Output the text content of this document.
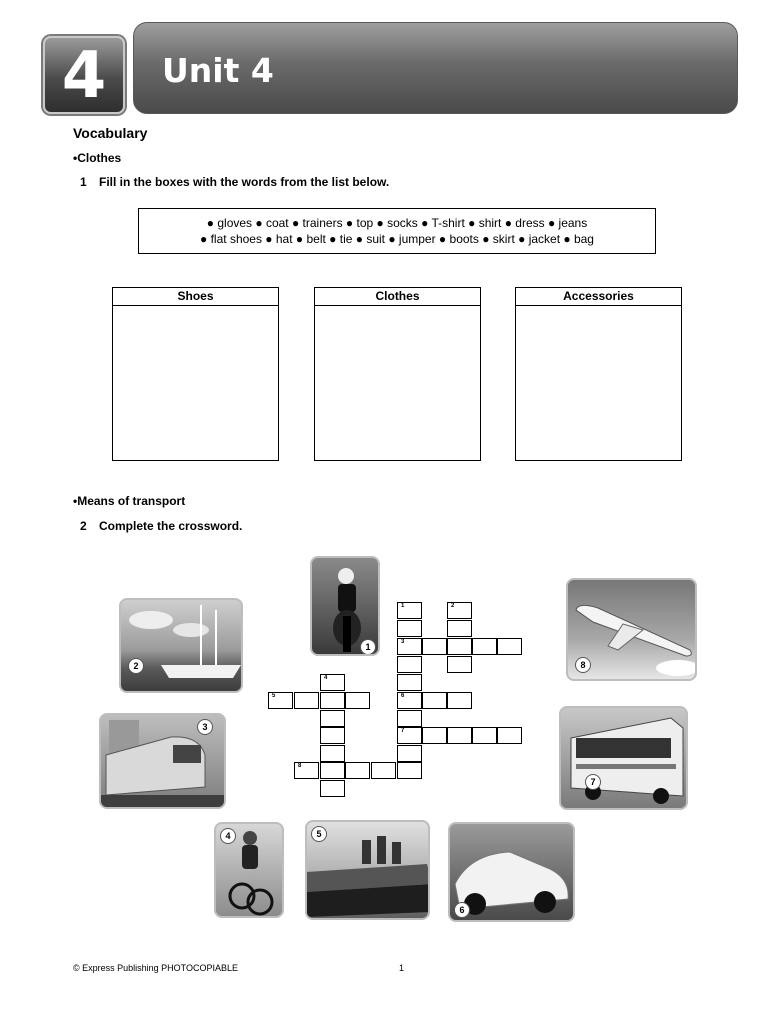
4	Unit 4
Vocabulary
•Clothes
1 Fill in the boxes with the words from the list below.
● gloves ● coat ● trainers ● top ● socks ● T-shirt ● shirt ● dress ● jeans
● flat shoes ● hat ● belt ● tie ● suit ● jumper ● boots ● skirt ● jacket ● bag
Shoes	Clothes	Accessories
•Means of transport
2 Complete the crossword.
1
3
6
7
2
4
5
8
1
2
3
4	5
6
7
8
© Express Publishing PHOTOCOPIABLE	1
